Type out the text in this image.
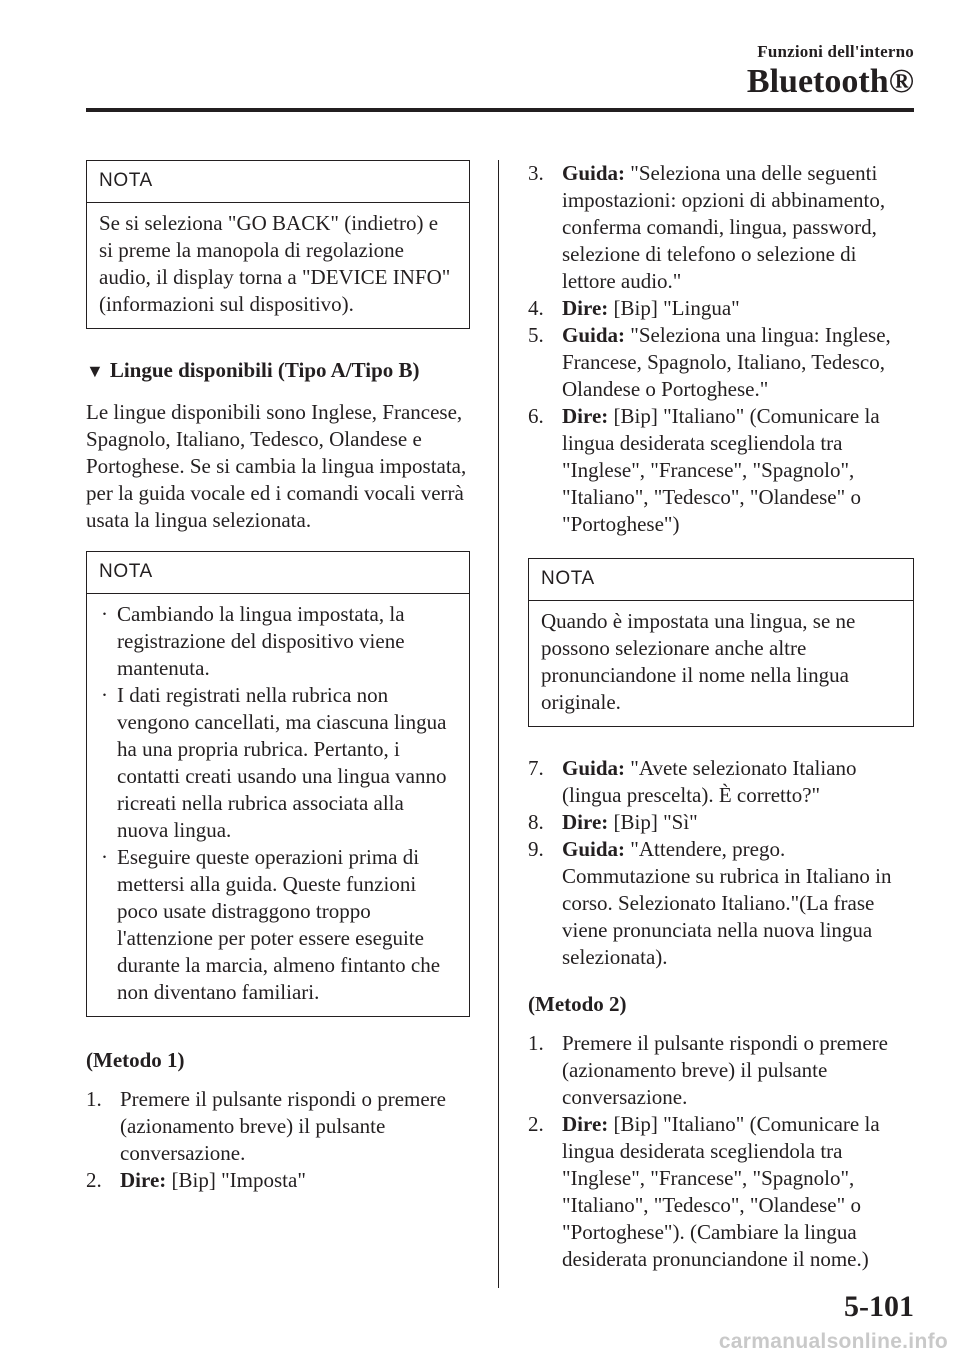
Funzioni dell'interno
Bluetooth®
NOTA

Se si seleziona "GO BACK" (indietro) e si preme la manopola di regolazione audio, il display torna a "DEVICE INFO" (informazioni sul dispositivo).

▼ Lingue disponibili (Tipo A/Tipo B)

Le lingue disponibili sono Inglese, Francese, Spagnolo, Italiano, Tedesco, Olandese e Portoghese. Se si cambia la lingua impostata, per la guida vocale ed i comandi vocali verrà usata la lingua selezionata.

NOTA
· Cambiando la lingua impostata, la registrazione del dispositivo viene mantenuta.
· I dati registrati nella rubrica non vengono cancellati, ma ciascuna lingua ha una propria rubrica. Pertanto, i contatti creati usando una lingua vanno ricreati nella rubrica associata alla nuova lingua.
· Eseguire queste operazioni prima di mettersi alla guida. Queste funzioni poco usate distraggono troppo l'attenzione per poter essere eseguite durante la marcia, almeno fintanto che non diventano familiari.
(Metodo 1)
1. Premere il pulsante rispondi o premere (azionamento breve) il pulsante conversazione.
2. Dire: [Bip] "Imposta"
3. Guida: "Seleziona una delle seguenti impostazioni: opzioni di abbinamento, conferma comandi, lingua, password, selezione di telefono o selezione di lettore audio."
4. Dire: [Bip] "Lingua"
5. Guida: "Seleziona una lingua: Inglese, Francese, Spagnolo, Italiano, Tedesco, Olandese o Portoghese."
6. Dire: [Bip] "Italiano" (Comunicare la lingua desiderata scegliendola tra "Inglese", "Francese", "Spagnolo", "Italiano", "Tedesco", "Olandese" o "Portoghese")
NOTA

Quando è impostata una lingua, se ne possono selezionare anche altre pronunciandone il nome nella lingua originale.

7. Guida: "Avete selezionato Italiano (lingua prescelta). È corretto?"
8. Dire: [Bip] "Sì"
9. Guida: "Attendere, prego. Commutazione su rubrica in Italiano in corso. Selezionato Italiano."(La frase viene pronunciata nella nuova lingua selezionata).
(Metodo 2)
1. Premere il pulsante rispondi o premere (azionamento breve) il pulsante conversazione.
2. Dire: [Bip] "Italiano" (Comunicare la lingua desiderata scegliendola tra "Inglese", "Francese", "Spagnolo", "Italiano", "Tedesco", "Olandese" o "Portoghese"). (Cambiare la lingua desiderata pronunciandone il nome.)
5-101
carmanualsonline.info
